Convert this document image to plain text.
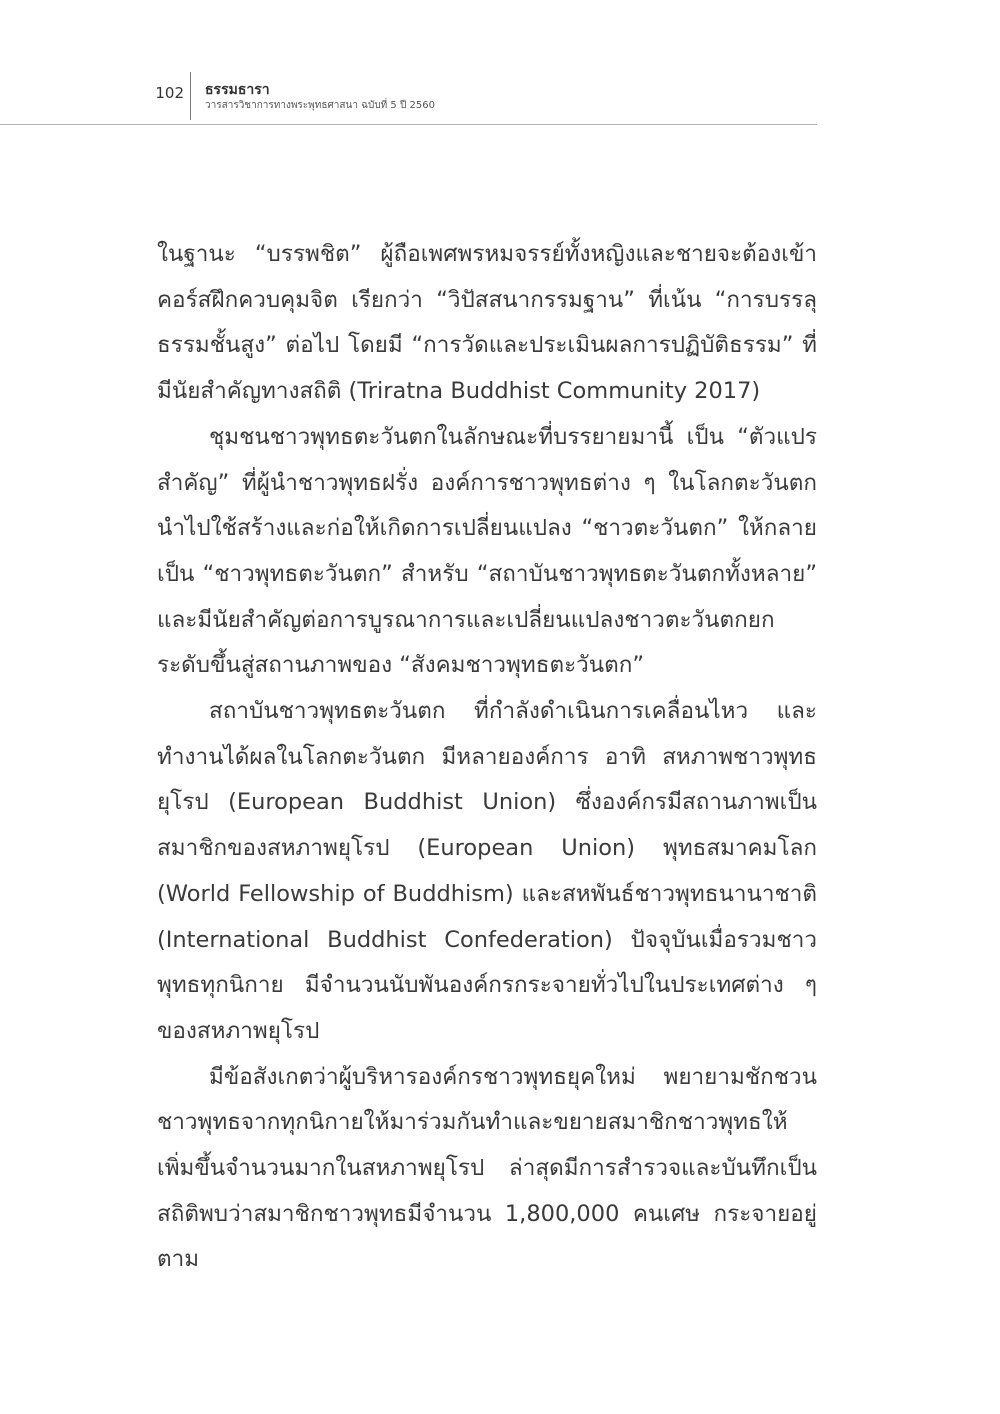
102 ธรรมธารา
วารสารวิชาการทางพระพุทธศาสนา ฉบับที่ 5 ปี 2560

ในฐานะ “บรรพชิต” ผู้ถือเพศพรหมจรรย์ทั้งหญิงและชายจะต้องเข้าคอร์สฝึกควบคุมจิต เรียกว่า “วิปัสสนากรรมฐาน” ที่เน้น “การบรรลุธรรมชั้นสูง” ต่อไป โดยมี “การวัดและประเมินผลการปฏิบัติธรรม” ที่มีนัยสำคัญทางสถิติ (Triratna Buddhist Community 2017)

ชุมชนชาวพุทธตะวันตกในลักษณะที่บรรยายมานี้ เป็น “ตัวแปรสำคัญ” ที่ผู้นำชาวพุทธฝรั่ง องค์การชาวพุทธต่าง ๆ ในโลกตะวันตกนำไปใช้สร้างและก่อให้เกิดการเปลี่ยนแปลง “ชาวตะวันตก” ให้กลายเป็น “ชาวพุทธตะวันตก” สำหรับ “สถาบันชาวพุทธตะวันตกทั้งหลาย” และมีนัยสำคัญต่อการบูรณาการและเปลี่ยนแปลงชาวตะวันตกยกระดับขึ้นสู่สถานภาพของ “สังคมชาวพุทธตะวันตก”

สถาบันชาวพุทธตะวันตก ที่กำลังดำเนินการเคลื่อนไหว และทำงานได้ผลในโลกตะวันตก มีหลายองค์การ อาทิ สหภาพชาวพุทธยุโรป (European Buddhist Union) ซึ่งองค์กรมีสถานภาพเป็นสมาชิกของสหภาพยุโรป (European Union) พุทธสมาคมโลก (World Fellowship of Buddhism) และสหพันธ์ชาวพุทธนานาชาติ (International Buddhist Confederation) ปัจจุบันเมื่อรวมชาวพุทธทุกนิกาย มีจำนวนนับพันองค์กรกระจายทั่วไปในประเทศต่าง ๆ ของสหภาพยุโรป

มีข้อสังเกตว่าผู้บริหารองค์กรชาวพุทธยุคใหม่ พยายามชักชวนชาวพุทธจากทุกนิกายให้มาร่วมกันทำและขยายสมาชิกชาวพุทธให้เพิ่มขึ้นจำนวนมากในสหภาพยุโรป ล่าสุดมีการสำรวจและบันทึกเป็นสถิติพบว่าสมาชิกชาวพุทธมีจำนวน 1,800,000 คนเศษ กระจายอยู่ตาม
